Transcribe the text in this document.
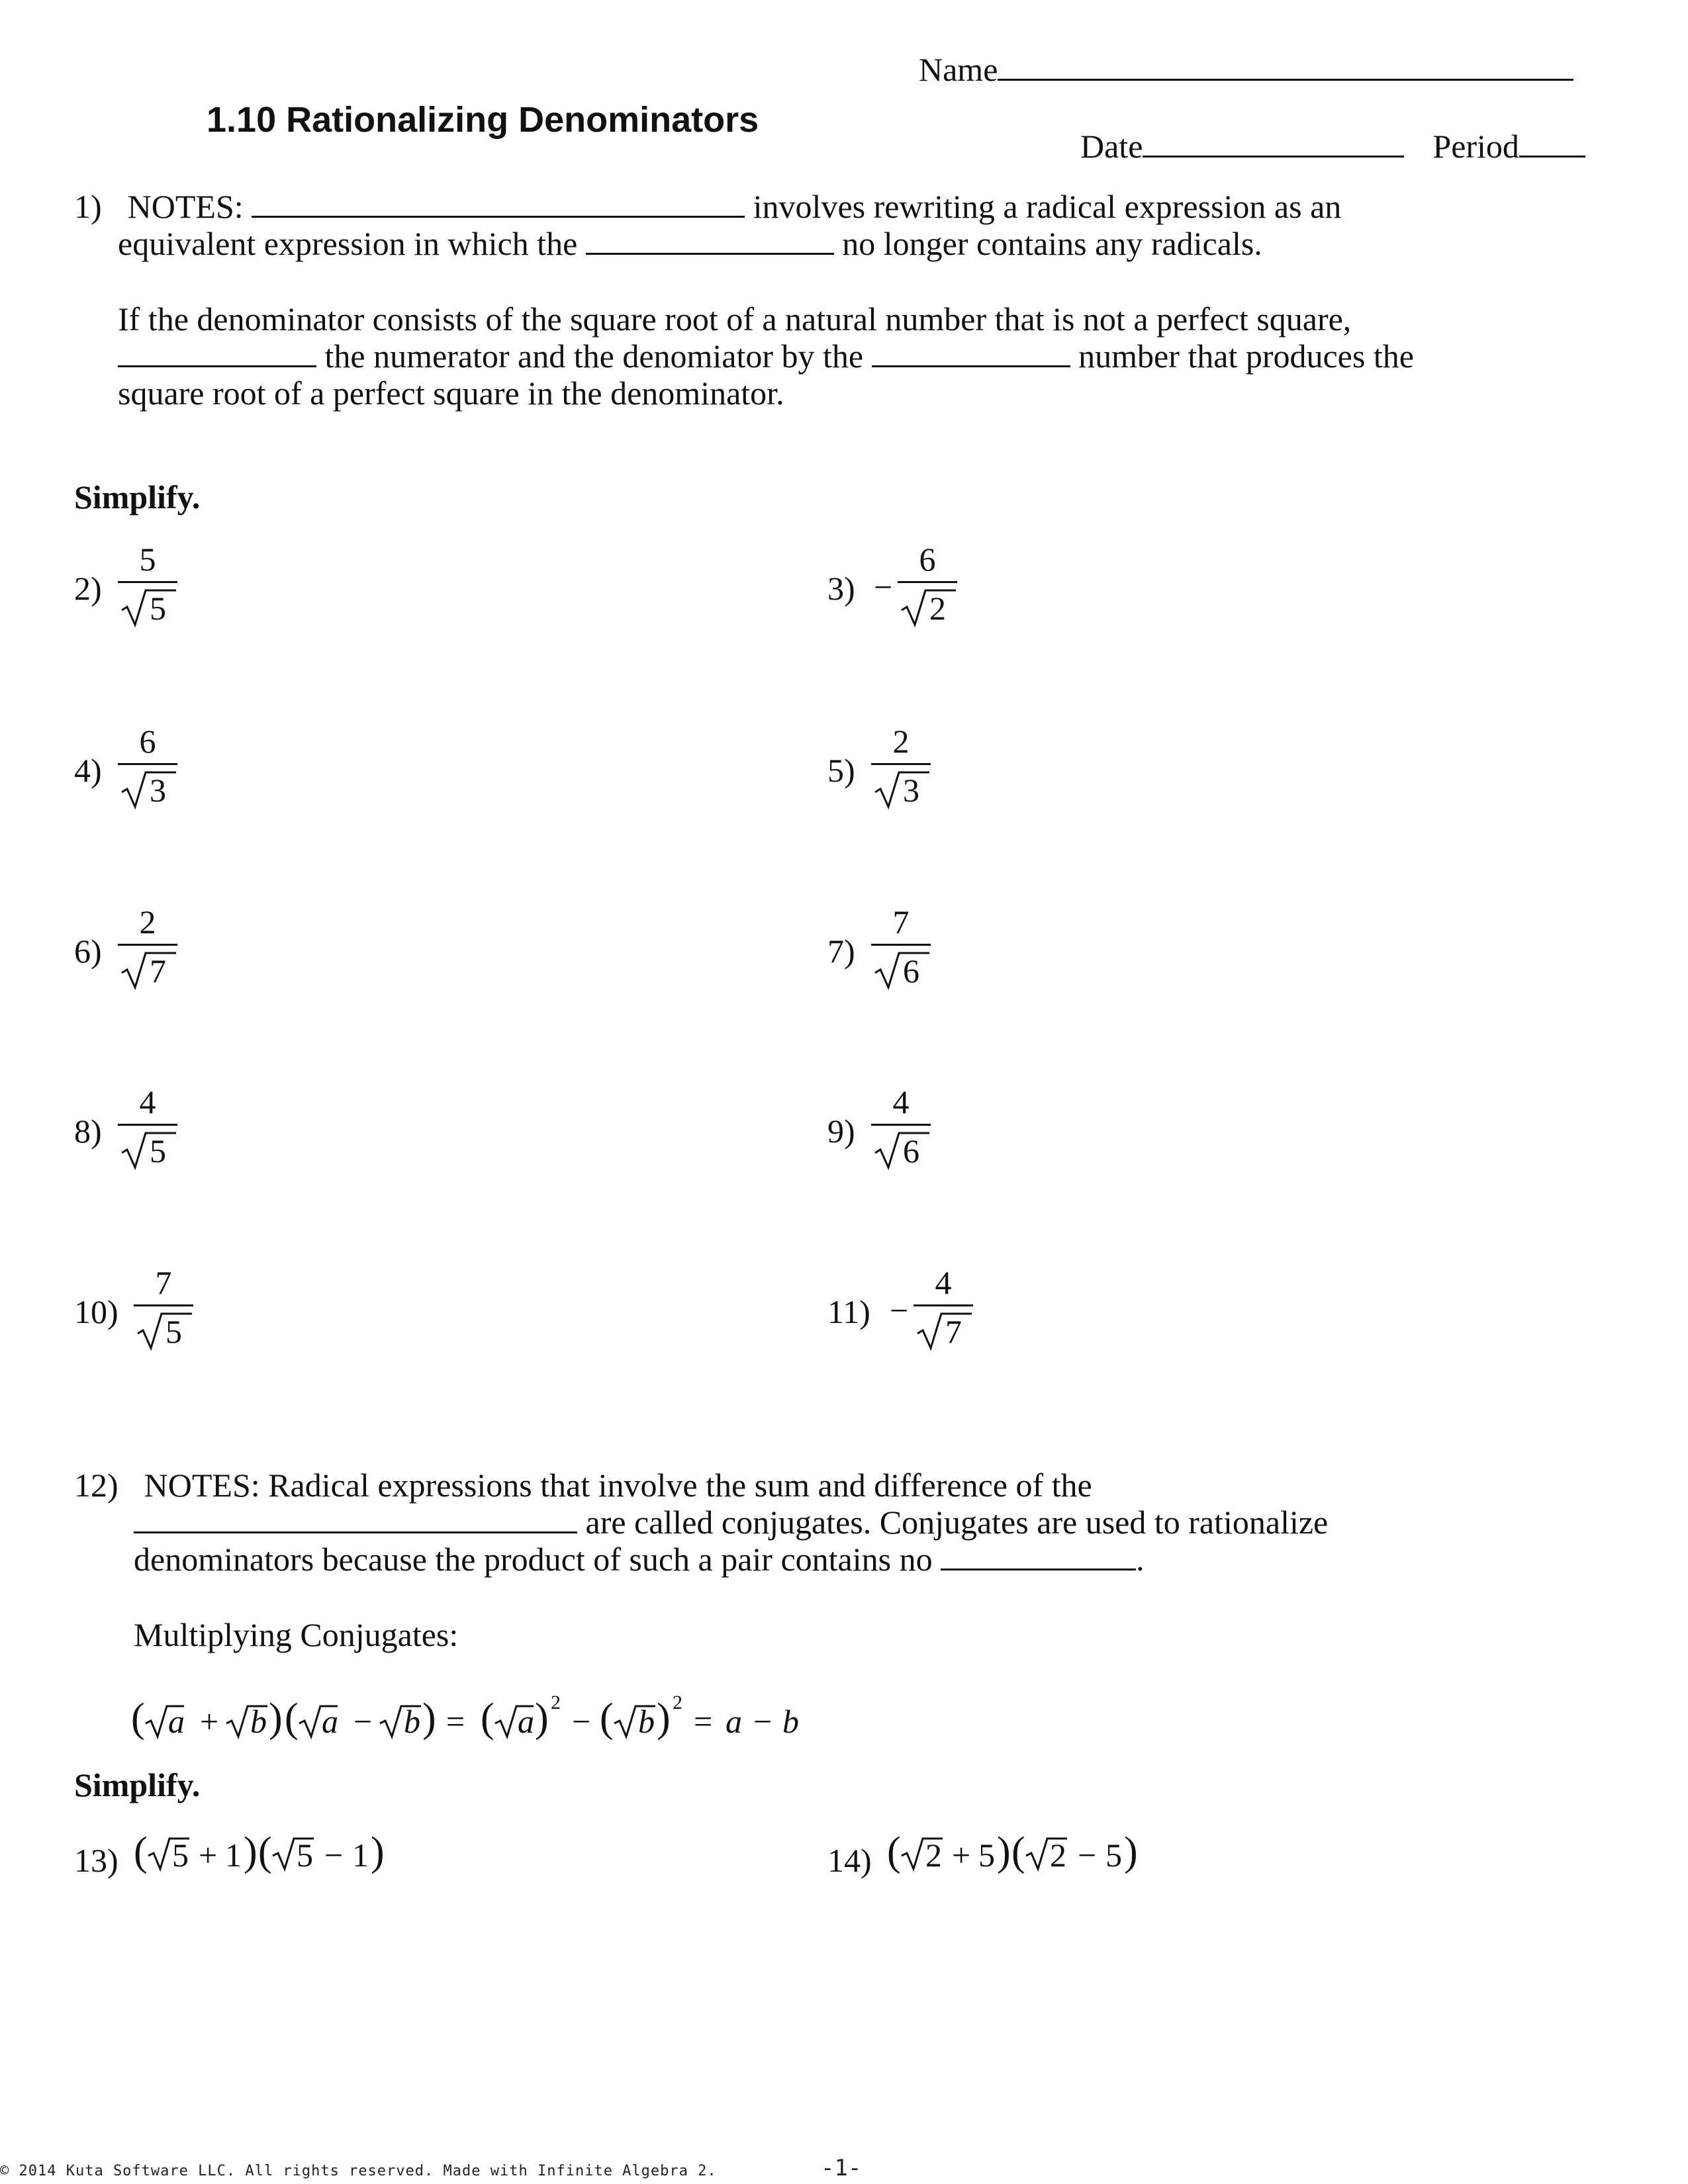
Name
1.10 Rationalizing Denominators
Date	Period
1) NOTES:	involves rewriting a radical expression as an
equivalent expression in which the	no longer contains any radicals.
If the denominator consists of the square root of a natural number that is not a perfect square,
the numerator and the denomiator by the	number that produces the
square root of a perfect square in the denominator.
Simplify.
2)
5
5
3) −
6
2
4)
6
3
5)
2
3
6)
2
7
7)
7
6
8)
4
5
9)
4
6
10)
7
5
11) −
4
7
12) NOTES: Radical expressions that involve the sum and difference of the
are called conjugates. Conjugates are used to rationalize
denominators because the product of such a pair contains no	.
Multiplying Conjugates:
( a + b ) ( a − b ) = ( a ) 2
− ( b ) 2
= a − b
Simplify.
13) ( 5 + 1 ) ( 5 − 1 )	14) ( 2 + 5 ) ( 2 − 5 )
© 2014 Kuta Software LLC. All rights reserved. Made with Infinite Algebra 2.	-1-
